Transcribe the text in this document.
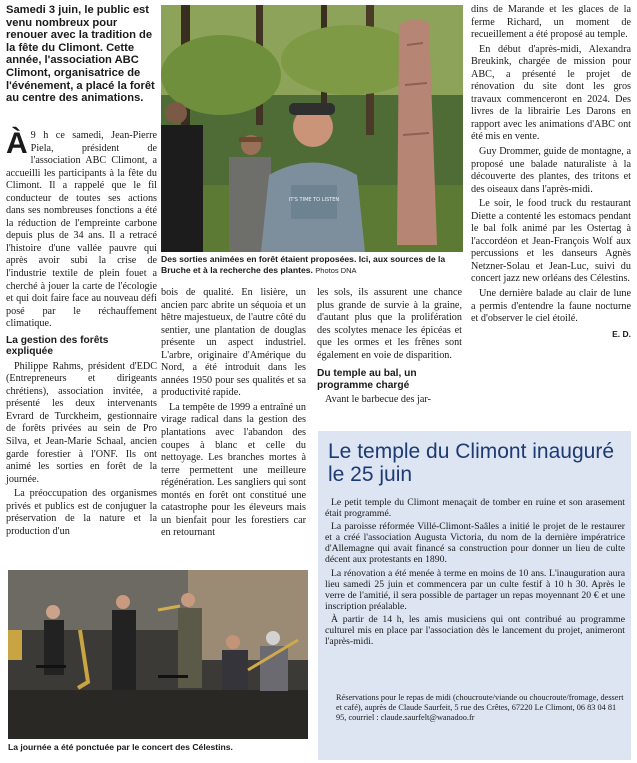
Samedi 3 juin, le public est venu nombreux pour renouer avec la tradition de la fête du Climont. Cette année, l'association ABC Climont, organisatrice de l'événement, a placé la forêt au centre des animations.

À 9 h ce samedi, Jean-Pierre Piela, président de l'association ABC Climont, a accueilli les participants à la fête du Climont. Il a rappelé que le fil conducteur de toutes ses actions dans ses nombreuses fonctions a été la réduction de l'empreinte carbone depuis plus de 34 ans. Il a retracé l'histoire d'une vallée pauvre qui après avoir subi la crise de l'industrie textile de plein fouet a cherché à jouer la carte de l'écologie et qui doit faire face au nouveau défi posé par le réchauffement climatique.

La gestion des forêts expliquée

Philippe Rahms, président d'EDC (Entrepreneurs et dirigeants chrétiens), association invitée, a présenté les deux intervenants Evrard de Turckheim, gestionnaire de forêts privées au sein de Pro Silva, et Jean-Marie Schaal, ancien garde forestier à l'ONF. Ils ont animé les sorties en forêt de la journée.

La préoccupation des organismes privés et publics est de conjuguer la préservation de la nature et la production d'un

IT'S TIME TO LISTEN

Des sorties animées en forêt étaient proposées. Ici, aux sources de la Bruche et à la recherche des plantes. Photos DNA

bois de qualité. En lisière, un ancien parc abrite un séquoia et un hêtre majestueux, de l'autre côté du sentier, une plantation de douglas présente un aspect industriel. L'arbre, originaire d'Amérique du Nord, a été introduit dans les années 1950 pour ses qualités et sa productivité rapide.

La tempête de 1999 a entraîné un virage radical dans la gestion des plantations avec l'abandon des coupes à blanc et celle du nettoyage. Les branches mortes à terre permettent une meilleure régénération. Les sangliers qui sont montés en forêt ont constitué une catastrophe pour les éleveurs mais un bienfait pour les forestiers car en retournant

les sols, ils assurent une chance plus grande de survie à la graine, d'autant plus que la prolifération des scolytes menace les épicéas et que les ormes et les frênes sont également en voie de disparition.

Du temple au bal, un programme chargé

Avant le barbecue des jar-

dins de Marande et les glaces de la ferme Richard, un moment de recueillement a été proposé au temple.

En début d'après-midi, Alexandra Breukink, chargée de mission pour ABC, a présenté le projet de rénovation du site dont les gros travaux commenceront en 2024. Des livres de la librairie Les Darons en rapport avec les animations d'ABC ont été mis en vente.

Guy Drommer, guide de montagne, a proposé une balade naturaliste à la découverte des plantes, des tritons et des oiseaux dans l'après-midi.

Le soir, le food truck du restaurant Diette a contenté les estomacs pendant le bal folk animé par les Ostertag à l'accordéon et Jean-François Wolf aux percussions et les danseurs Agnès Netzner-Solau et Jean-Luc, suivi du concert jazz new orléans des Célestins.

Une dernière balade au clair de lune a permis d'entendre la faune nocturne et d'observer le ciel étoilé.

E. D.

La journée a été ponctuée par le concert des Célestins.

Le temple du Climont inauguré le 25 juin

Le petit temple du Climont menaçait de tomber en ruine et son arasement était programmé.

La paroisse réformée Villé-Climont-Saâles a initié le projet de le restaurer et a créé l'association Augusta Victoria, du nom de la dernière impératrice d'Allemagne qui avait financé sa construction pour donner un lieu de culte décent aux protestants en 1890.

La rénovation a été menée à terme en moins de 10 ans. L'inauguration aura lieu samedi 25 juin et commencera par un culte festif à 10 h 30. Après le verre de l'amitié, il sera possible de partager un repas moyennant 20 € et une inscription préalable.

À partir de 14 h, les amis musiciens qui ont contribué au programme culturel mis en place par l'association dès le lancement du projet, animeront l'après-midi.

Réservations pour le repas de midi (choucroute/viande ou choucroute/fromage, dessert et café), auprès de Claude Saurfeit, 5 rue des Crêtes, 67220 Le Climont, 06 83 04 81 95, courriel : claude.saurfelt@wanadoo.fr
